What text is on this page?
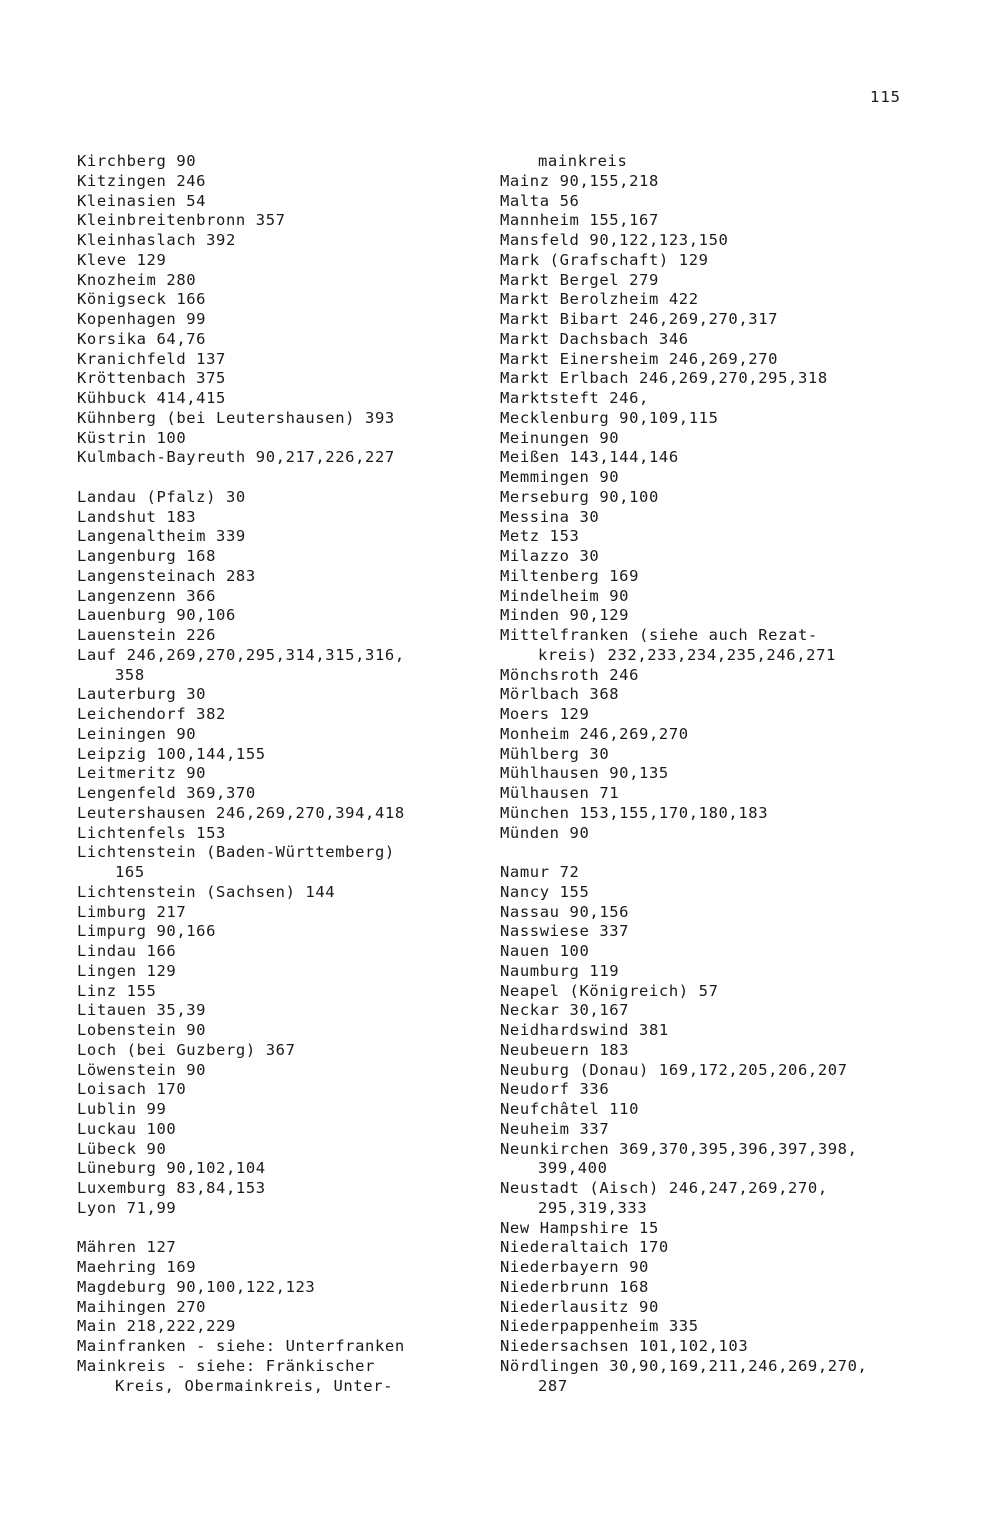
115
Kirchberg 90
Kitzingen 246
Kleinasien 54
Kleinbreitenbronn 357
Kleinhaslach 392
Kleve 129
Knozheim 280
Königseck 166
Kopenhagen 99
Korsika 64,76
Kranichfeld 137
Kröttenbach 375
Kühbuck 414,415
Kühnberg (bei Leutershausen) 393
Küstrin 100
Kulmbach-Bayreuth 90,217,226,227
Landau (Pfalz) 30
Landshut 183
Langenaltheim 339
Langenburg 168
Langensteinach 283
Langenzenn 366
Lauenburg 90,106
Lauenstein 226
Lauf 246,269,270,295,314,315,316,
358
Lauterburg 30
Leichendorf 382
Leiningen 90
Leipzig 100,144,155
Leitmeritz 90
Lengenfeld 369,370
Leutershausen 246,269,270,394,418
Lichtenfels 153
Lichtenstein (Baden-Württemberg)
165
Lichtenstein (Sachsen) 144
Limburg 217
Limpurg 90,166
Lindau 166
Lingen 129
Linz 155
Litauen 35,39
Lobenstein 90
Loch (bei Guzberg) 367
Löwenstein 90
Loisach 170
Lublin 99
Luckau 100
Lübeck 90
Lüneburg 90,102,104
Luxemburg 83,84,153
Lyon 71,99
Mähren 127
Maehring 169
Magdeburg 90,100,122,123
Maihingen 270
Main 218,222,229
Mainfranken - siehe: Unterfranken
Mainkreis - siehe: Fränkischer
Kreis, Obermainkreis, Unter-
mainkreis
Mainz 90,155,218
Malta 56
Mannheim 155,167
Mansfeld 90,122,123,150
Mark (Grafschaft) 129
Markt Bergel 279
Markt Berolzheim 422
Markt Bibart 246,269,270,317
Markt Dachsbach 346
Markt Einersheim 246,269,270
Markt Erlbach 246,269,270,295,318
Marktsteft 246,
Mecklenburg 90,109,115
Meinungen 90
Meißen 143,144,146
Memmingen 90
Merseburg 90,100
Messina 30
Metz 153
Milazzo 30
Miltenberg 169
Mindelheim 90
Minden 90,129
Mittelfranken (siehe auch Rezat-
kreis) 232,233,234,235,246,271
Mönchsroth 246
Mörlbach 368
Moers 129
Monheim 246,269,270
Mühlberg 30
Mühlhausen 90,135
Mülhausen 71
München 153,155,170,180,183
Münden 90
Namur 72
Nancy 155
Nassau 90,156
Nasswiese 337
Nauen 100
Naumburg 119
Neapel (Königreich) 57
Neckar 30,167
Neidhardswind 381
Neubeuern 183
Neuburg (Donau) 169,172,205,206,207
Neudorf 336
Neufchâtel 110
Neuheim 337
Neunkirchen 369,370,395,396,397,398,
399,400
Neustadt (Aisch) 246,247,269,270,
295,319,333
New Hampshire 15
Niederaltaich 170
Niederbayern 90
Niederbrunn 168
Niederlausitz 90
Niederpappenheim 335
Niedersachsen 101,102,103
Nördlingen 30,90,169,211,246,269,270,
287
